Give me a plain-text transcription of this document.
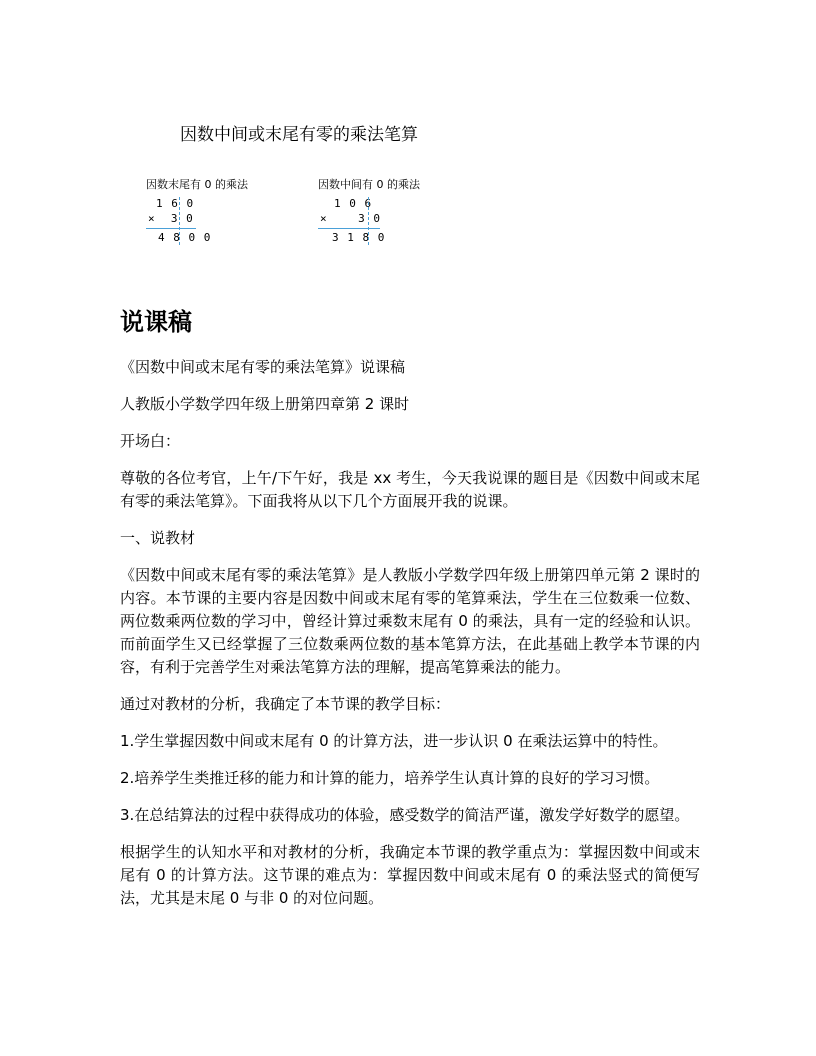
因数中间或末尾有零的乘法笔算
因数末尾有 0 的乘法
1 6 0
×  3 0
4 8 0 0
因数中间有 0 的乘法
1 0 6
×    3 0
3 1 8 0
说课稿

《因数中间或末尾有零的乘法笔算》说课稿

人教版小学数学四年级上册第四章第 2 课时

开场白：

尊敬的各位考官，上午/下午好，我是 xx 考生，今天我说课的题目是《因数中间或末尾有零的乘法笔算》。下面我将从以下几个方面展开我的说课。

一、说教材

《因数中间或末尾有零的乘法笔算》是人教版小学数学四年级上册第四单元第 2 课时的内容。本节课的主要内容是因数中间或末尾有零的笔算乘法，学生在三位数乘一位数、两位数乘两位数的学习中，曾经计算过乘数末尾有 0 的乘法，具有一定的经验和认识。而前面学生又已经掌握了三位数乘两位数的基本笔算方法，在此基础上教学本节课的内容，有利于完善学生对乘法笔算方法的理解，提高笔算乘法的能力。

通过对教材的分析，我确定了本节课的教学目标：

1.学生掌握因数中间或末尾有 0 的计算方法，进一步认识 0 在乘法运算中的特性。

2.培养学生类推迁移的能力和计算的能力，培养学生认真计算的良好的学习习惯。

3.在总结算法的过程中获得成功的体验，感受数学的简洁严谨，激发学好数学的愿望。

根据学生的认知水平和对教材的分析，我确定本节课的教学重点为：掌握因数中间或末尾有 0 的计算方法。这节课的难点为：掌握因数中间或末尾有 0 的乘法竖式的简便写法，尤其是末尾 0 与非 0 的对位问题。
